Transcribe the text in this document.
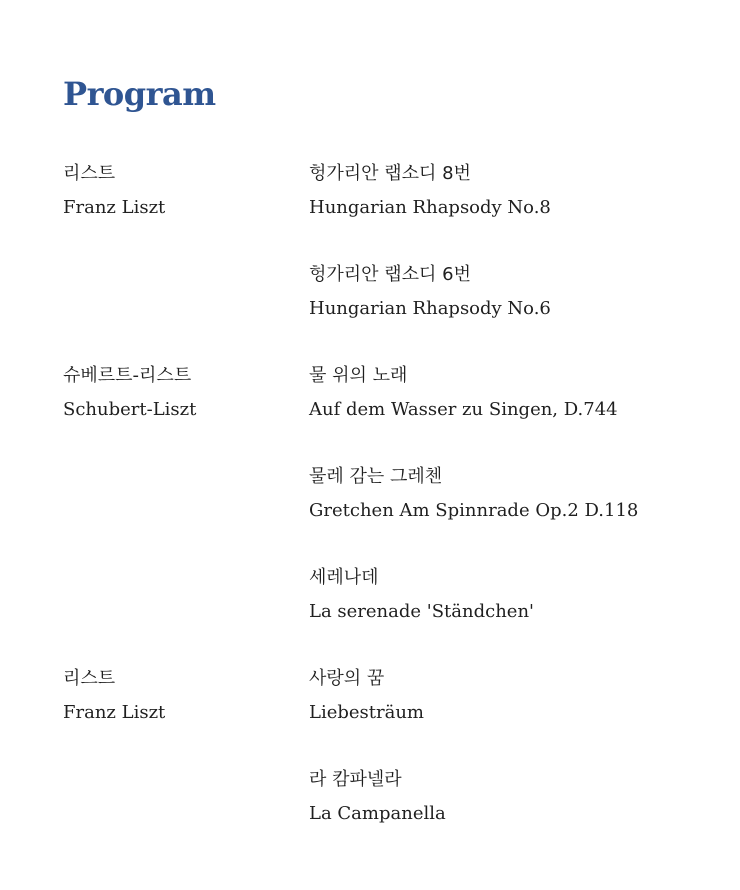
Program
리스트
Franz Liszt
헝가리안 랩소디 8번
Hungarian Rhapsody No.8
헝가리안 랩소디 6번
Hungarian Rhapsody No.6
슈베르트-리스트
Schubert-Liszt
물 위의 노래
Auf dem Wasser zu Singen, D.744
물레 감는 그레첸
Gretchen Am Spinnrade Op.2 D.118
세레나데
La serenade 'Ständchen'
리스트
Franz Liszt
사랑의 꿈
Liebesträum
라 캄파넬라
La Campanella
